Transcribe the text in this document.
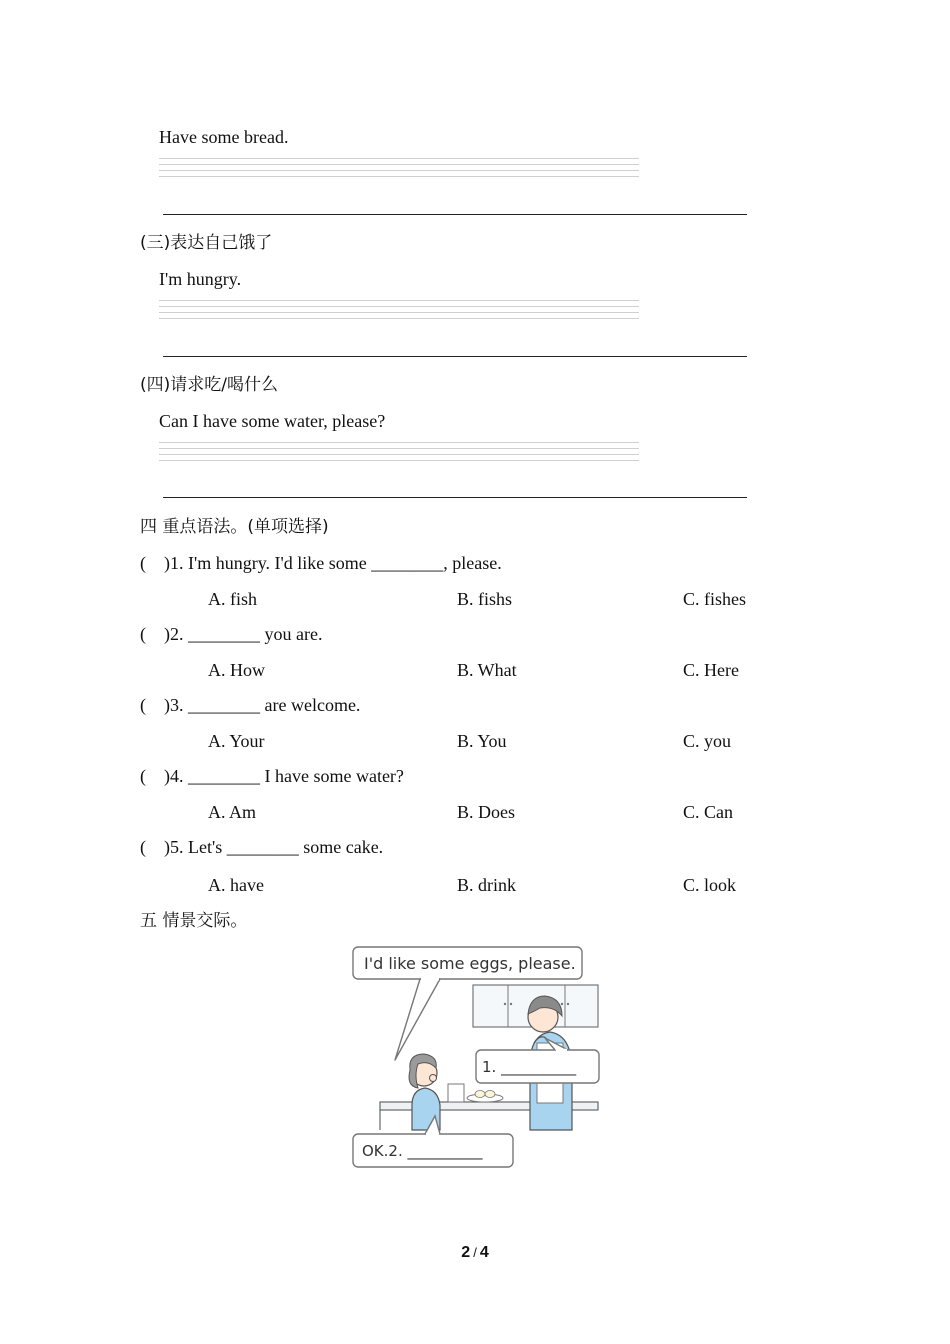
Have some bread.
(三)表达自己饿了
I'm hungry.
(四)请求吃/喝什么
Can I have some water, please?
四 重点语法。(单项选择)
(  )1. I'm hungry. I'd like some ________, please.
A. fish	B. fishs	C. fishes
(  )2. ________ you are.
A. How	B. What	C. Here
(  )3. ________ are welcome.
A. Your	B. You	C. you
(  )4. ________ I have some water?
A. Am	B. Does	C. Can
(  )5. Let's ________ some cake.
A. have	B. drink	C. look
五 情景交际。
I'd like some eggs, please.
1. __________
OK.2. __________
2 / 4
